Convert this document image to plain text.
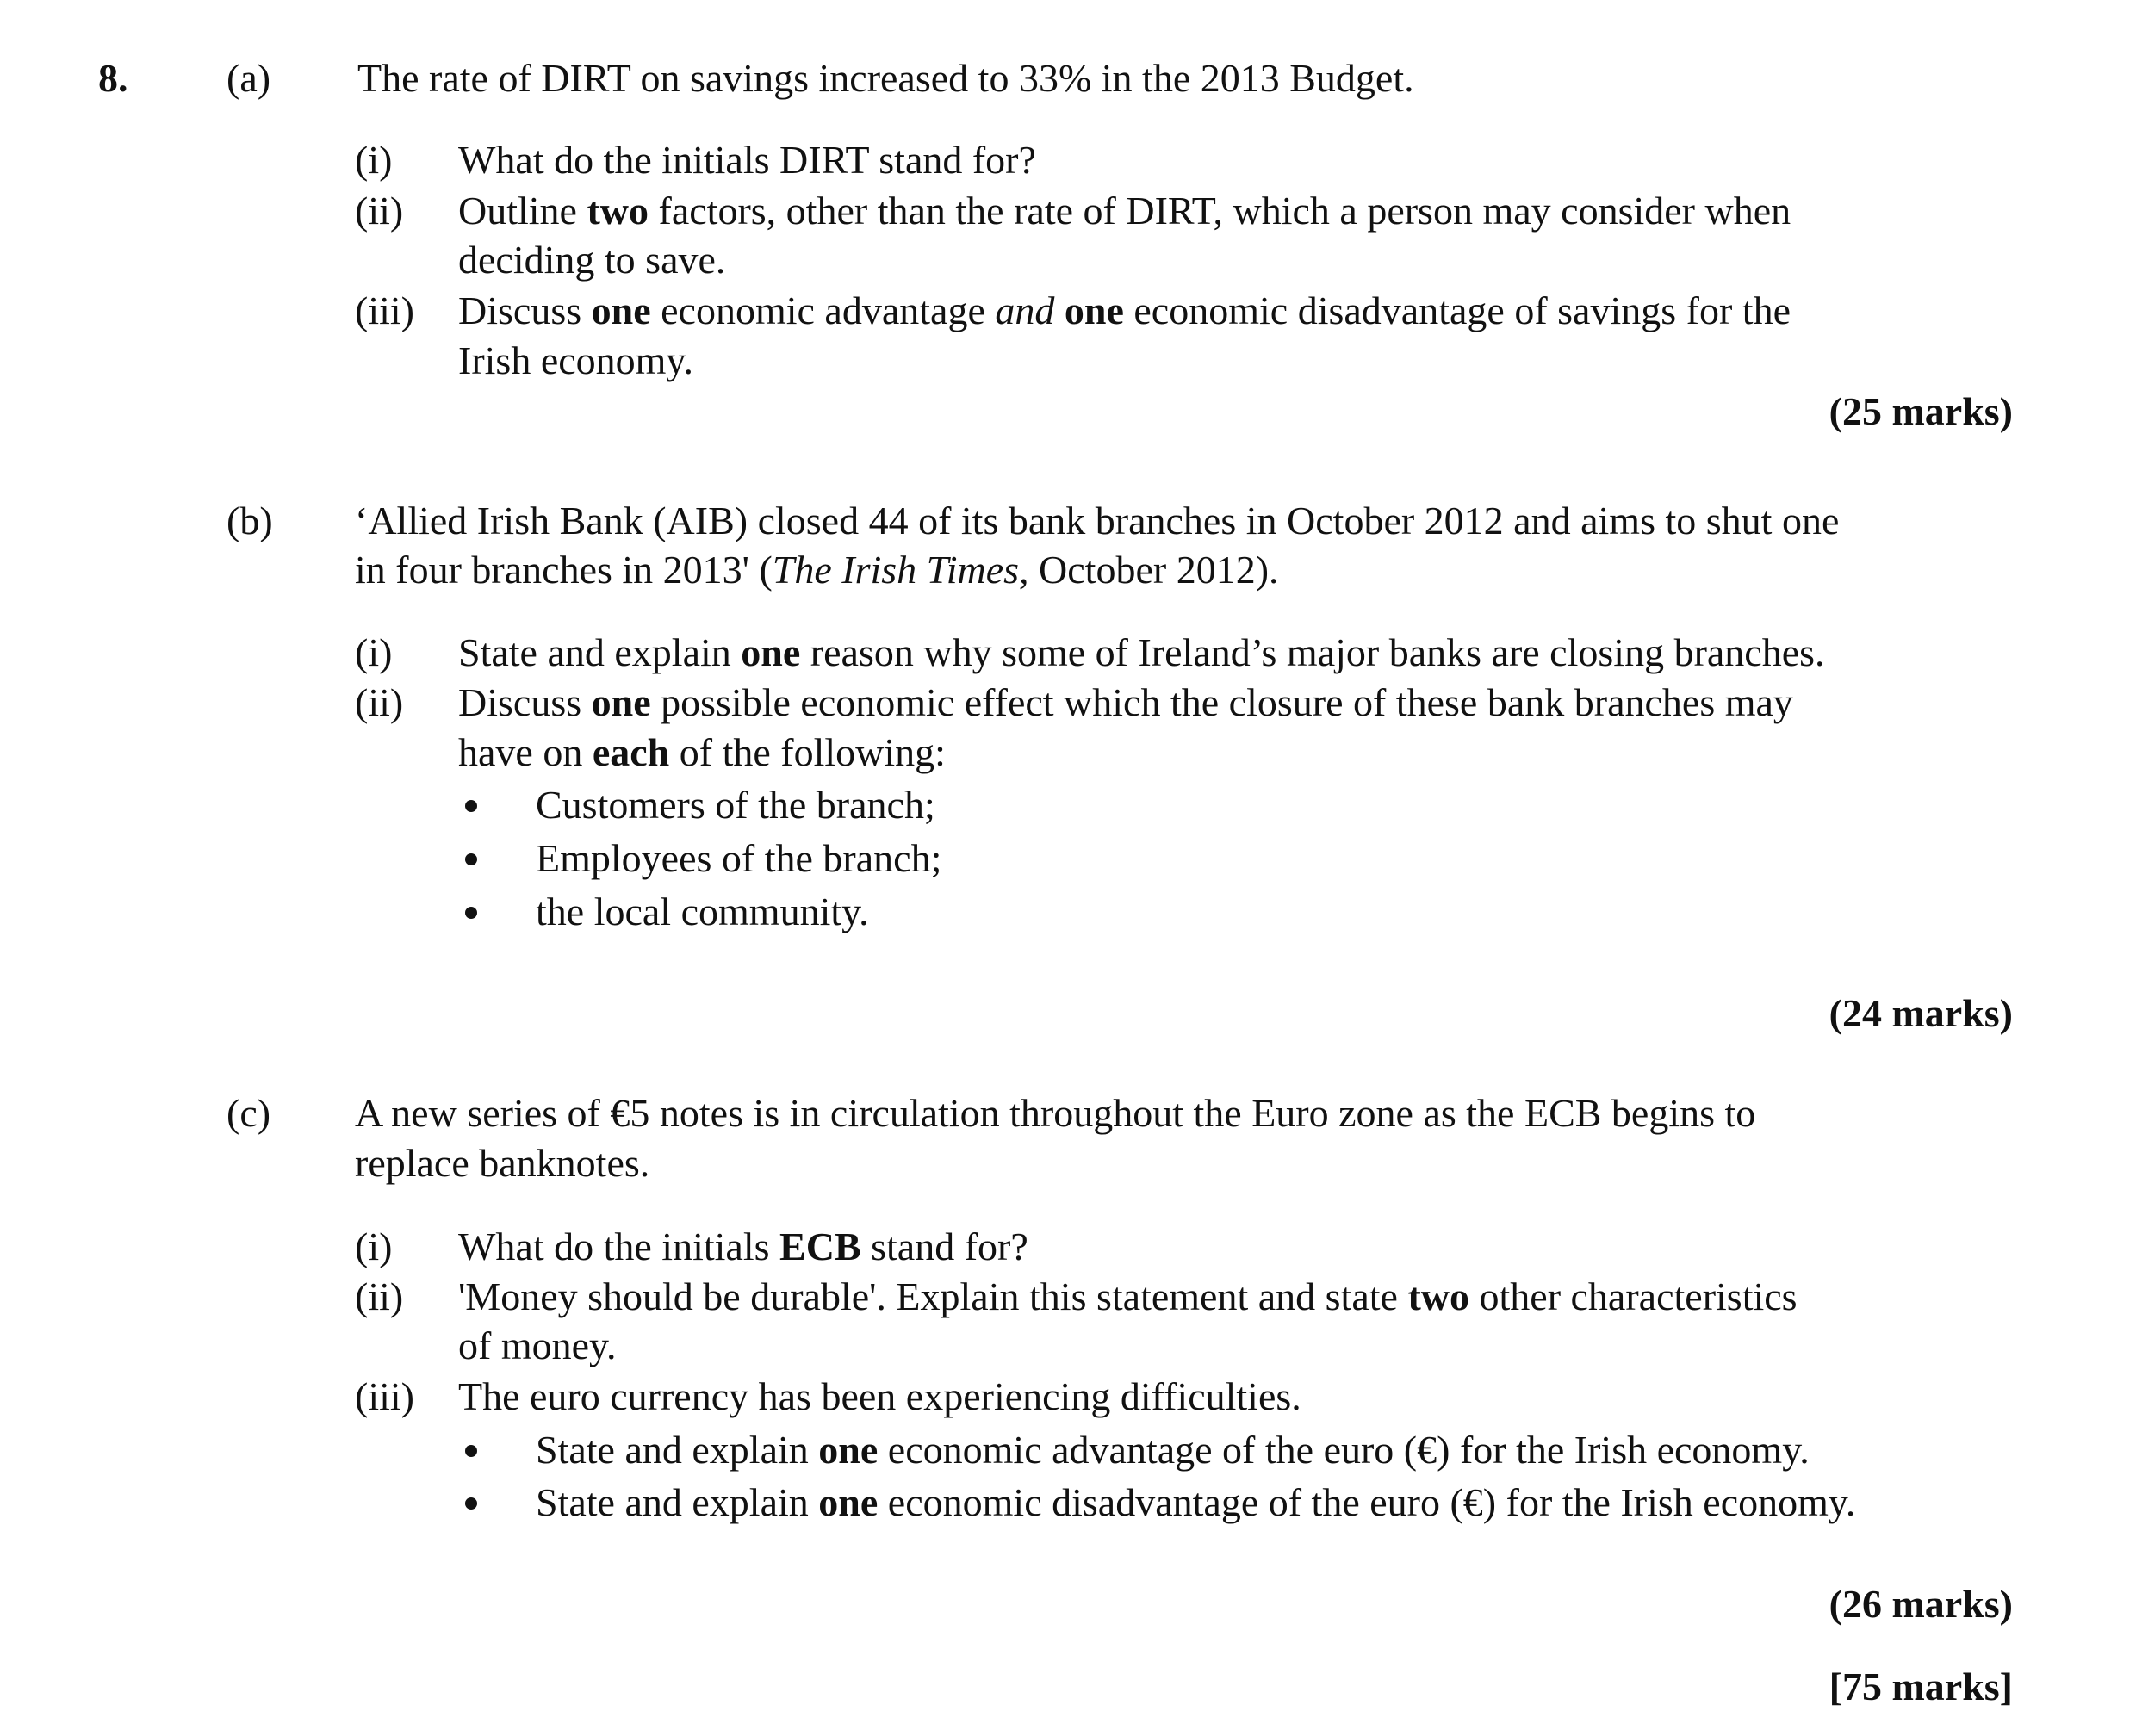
8. (a) The rate of DIRT on savings increased to 33% in the 2013 Budget.
(i) What do the initials DIRT stand for?
(ii) Outline two factors, other than the rate of DIRT, which a person may consider when
deciding to save.
(iii) Discuss one economic advantage and one economic disadvantage of savings for the
Irish economy.
(25 marks)
(b) ‘Allied Irish Bank (AIB) closed 44 of its bank branches in October 2012 and aims to shut one
in four branches in 2013' (The Irish Times, October 2012).
(i) State and explain one reason why some of Ireland’s major banks are closing branches.
(ii) Discuss one possible economic effect which the closure of these bank branches may
have on each of the following:
Customers of the branch;
Employees of the branch;
the local community.
(24 marks)
(c) A new series of €5 notes is in circulation throughout the Euro zone as the ECB begins to
replace banknotes.
(i) What do the initials ECB stand for?
(ii) 'Money should be durable'. Explain this statement and state two other characteristics
of money.
(iii) The euro currency has been experiencing difficulties.
State and explain one economic advantage of the euro (€) for the Irish economy.
State and explain one economic disadvantage of the euro (€) for the Irish economy.
(26 marks)
[75 marks]
